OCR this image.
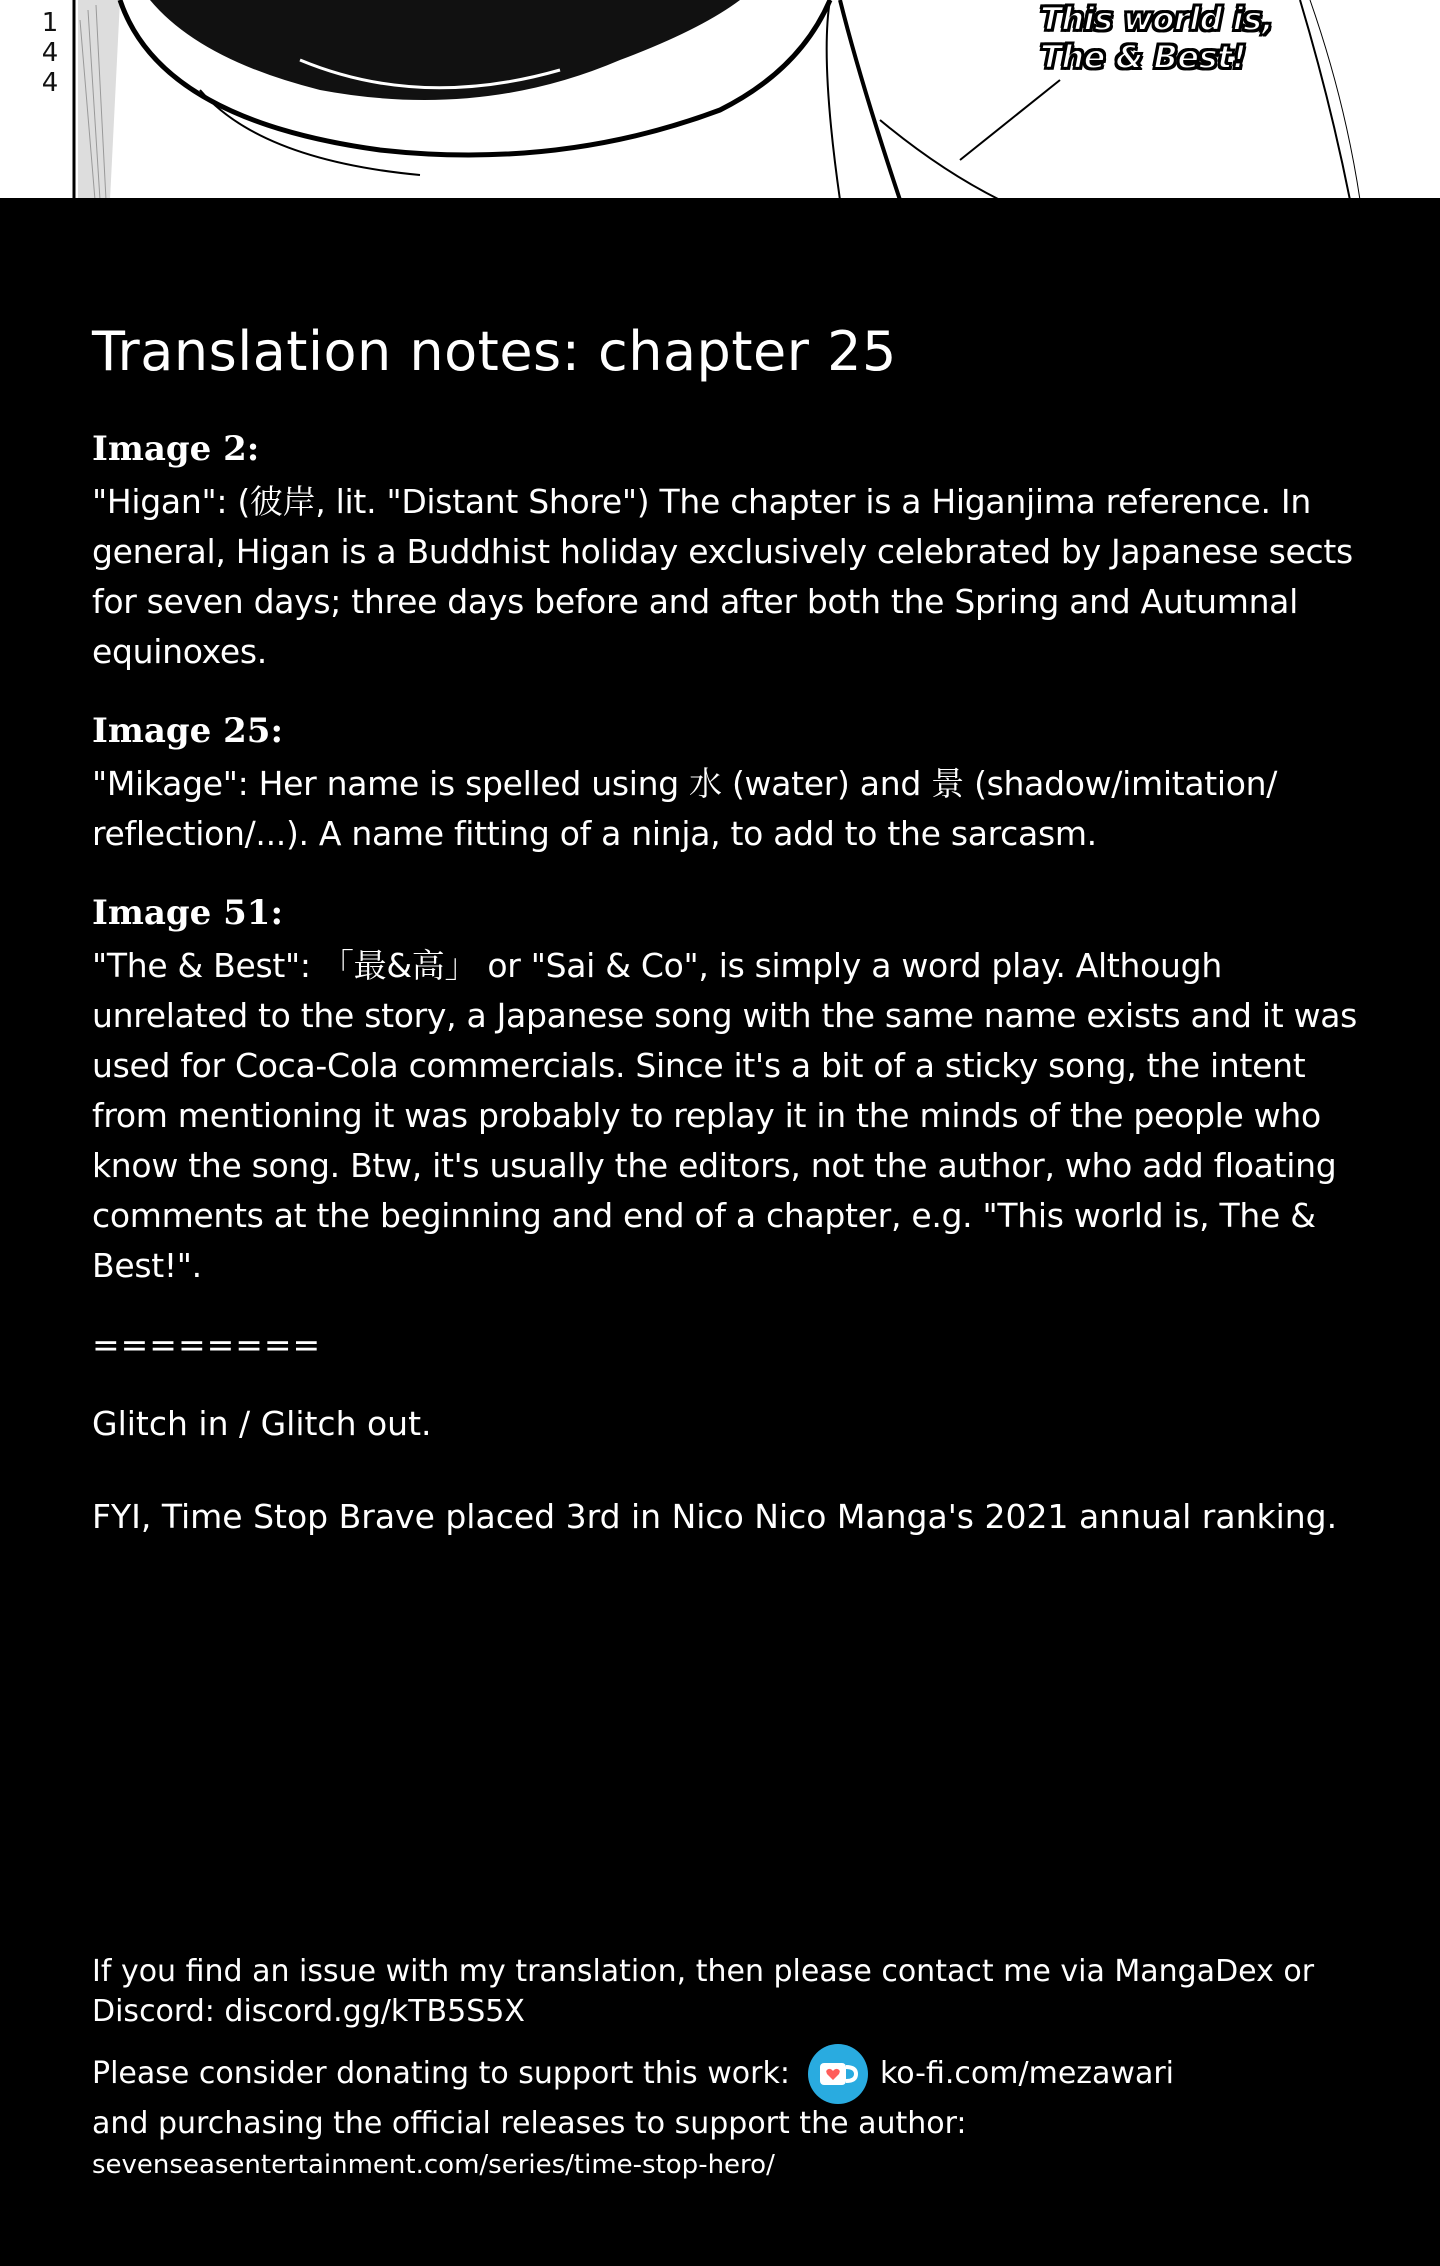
144	This world is,
The & Best!
Translation notes: chapter 25
Image 2:
"Higan": (彼岸, lit. "Distant Shore") The chapter is a Higanjima reference. In general, Higan is a Buddhist holiday exclusively celebrated by Japanese sects for seven days; three days before and after both the Spring and Autumnal equinoxes.
Image 25:
"Mikage": Her name is spelled using 水 (water) and 景 (shadow/imitation/ reflection/...). A name fitting of a ninja, to add to the sarcasm.
Image 51:
"The & Best": 「最&高」 or "Sai & Co", is simply a word play. Although unrelated to the story, a Japanese song with the same name exists and it was used for Coca-Cola commercials. Since it's a bit of a sticky song, the intent from mentioning it was probably to replay it in the minds of the people who know the song. Btw, it's usually the editors, not the author, who add floating comments at the beginning and end of a chapter, e.g. "This world is, The & Best!".
========
Glitch in / Glitch out.
FYI, Time Stop Brave placed 3rd in Nico Nico Manga's 2021 annual ranking.

If you find an issue with my translation, then please contact me via MangaDex or Discord: discord.gg/kTB5S5X

Please consider donating to support this work:	ko-fi.com/mezawari

and purchasing the official releases to support the author: sevenseasentertainment.com/series/time-stop-hero/
